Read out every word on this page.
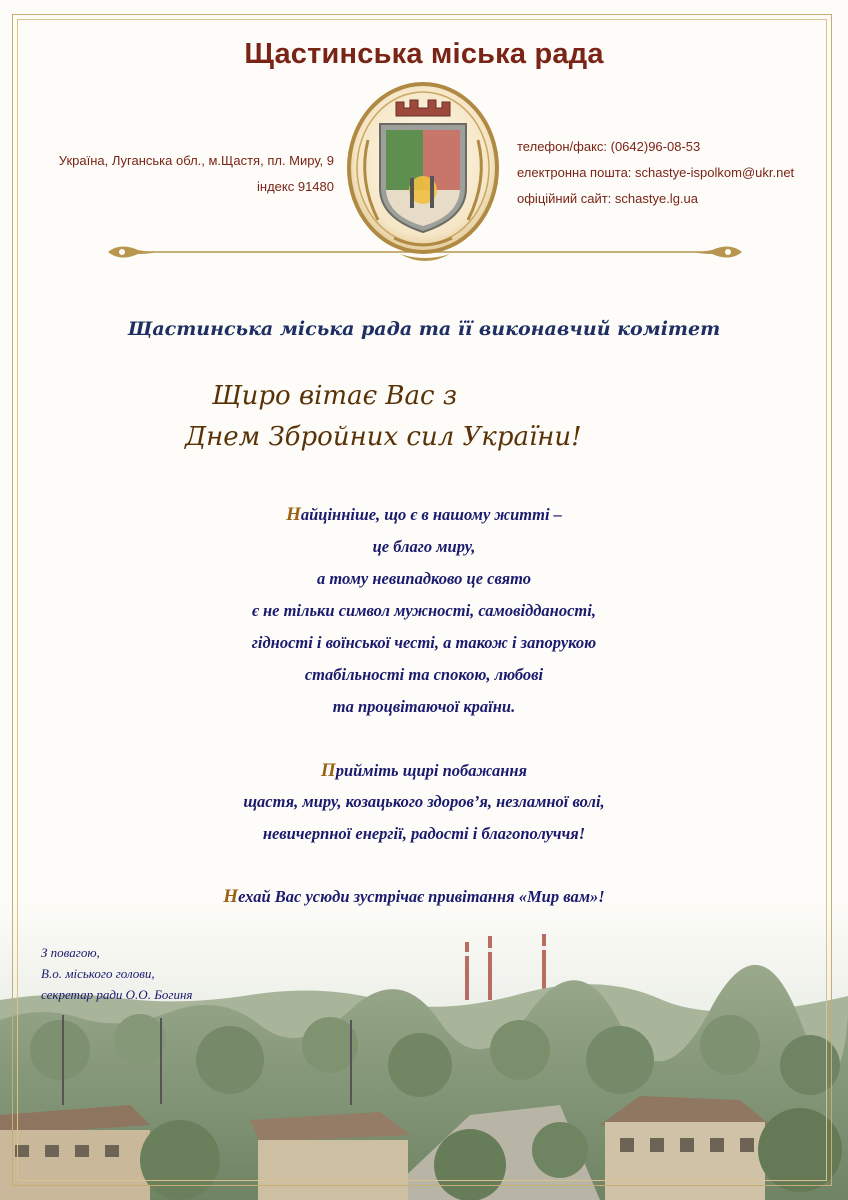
Щастинська міська рада
Україна, Луганська обл., м.Щастя, пл. Миру, 9
індекс 91480
телефон/факс: (0642)96-08-53
електронна пошта: schastye-ispolkom@ukr.net
офіційний сайт: schastye.lg.ua
Щастинська міська рада та її виконавчий комітет
Щиро вітає Вас з
Днем Збройних сил України!
Найцінніше, що є в нашому житті –
це благо миру,
а тому невипадково це свято
є не тільки символ мужності, самовідданості,
гідності і воїнської честі, а також і запорукою
стабільності та спокою, любові
та процвітаючої країни.
Прийміть щирі побажання
щастя, миру, козацького здоров’я, незламної волі,
невичерпної енергії, радості і благополуччя!
Нехай Вас усюди зустрічає привітання «Мир вам»!
З повагою,
В.о. міського голови,
секретар ради О.О. Богиня
